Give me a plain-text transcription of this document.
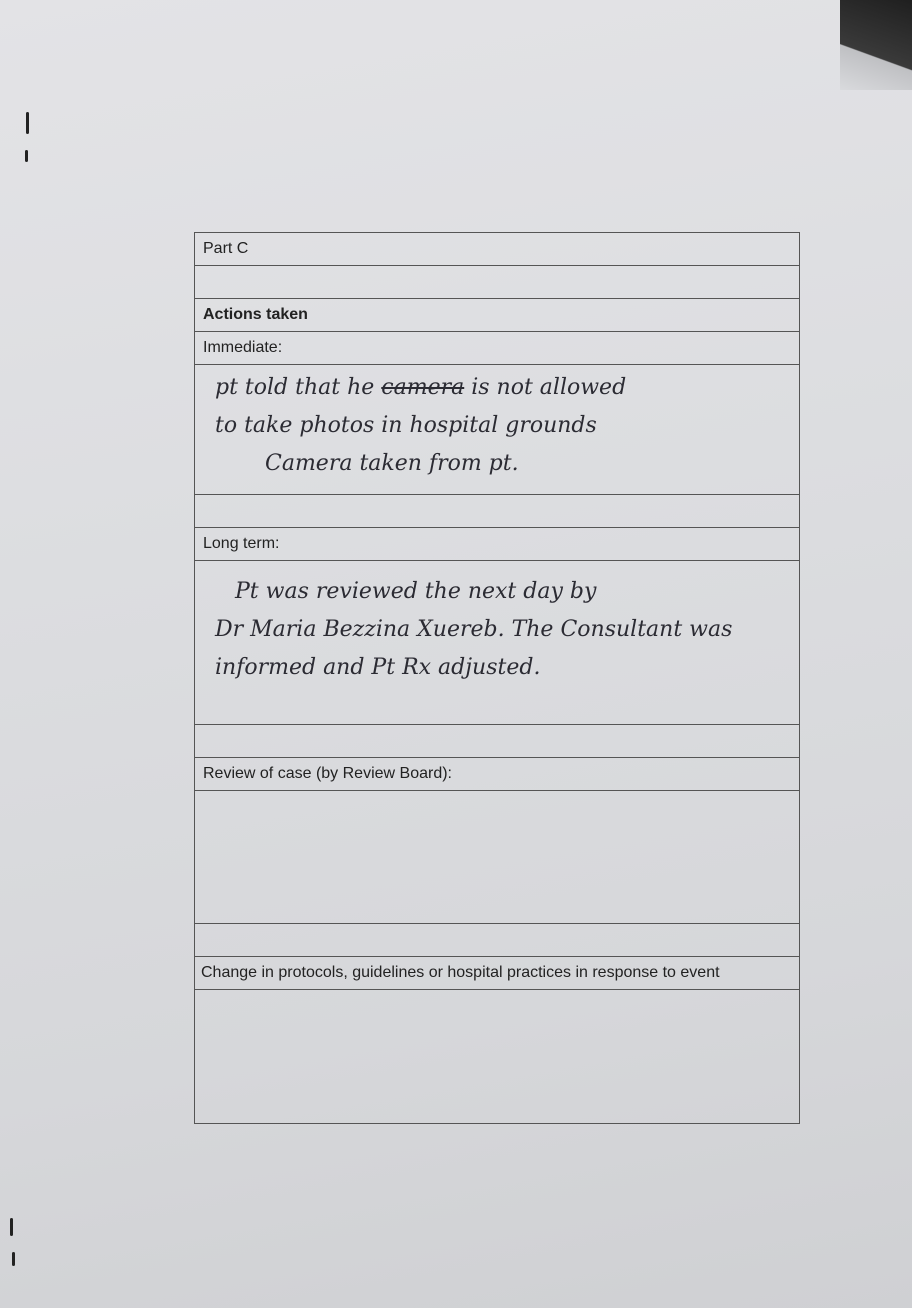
Part C
Actions taken
Immediate:
pt told that he camera is not allowed
to take photos in hospital grounds
Camera taken from pt.
Long term:
Pt was reviewed the next day by
Dr Maria Bezzina Xuereb. The Consultant was
informed and Pt Rx adjusted.
Review of case (by Review Board):
Change in protocols, guidelines or hospital practices in response to event
